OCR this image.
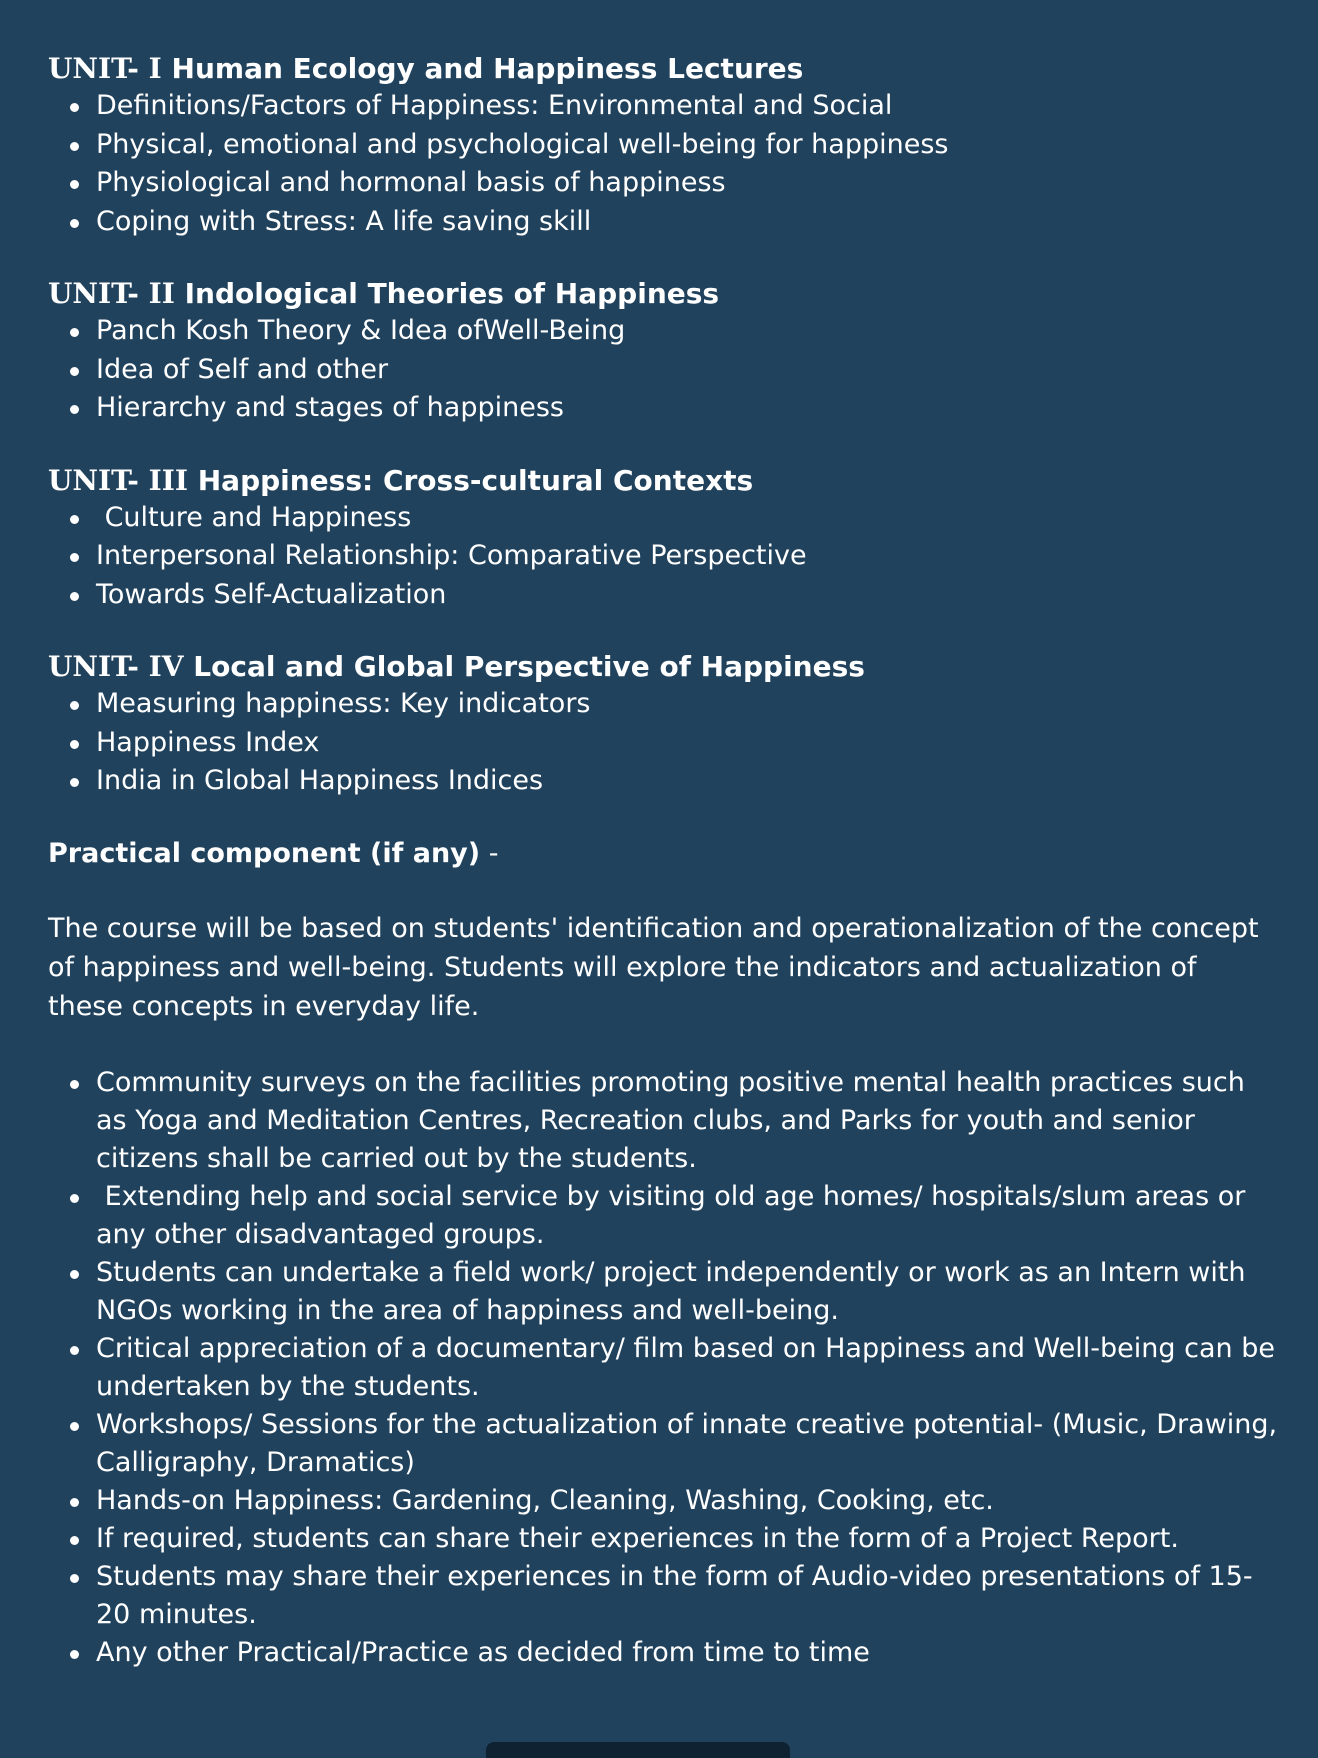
UNIT- I Human Ecology and Happiness Lectures
Definitions/Factors of Happiness: Environmental and Social
Physical, emotional and psychological well-being for happiness
Physiological and hormonal basis of happiness
Coping with Stress: A life saving skill
UNIT- II Indological Theories of Happiness
Panch Kosh Theory & Idea ofWell-Being
Idea of Self and other
Hierarchy and stages of happiness
UNIT- III Happiness: Cross-cultural Contexts
Culture and Happiness
Interpersonal Relationship: Comparative Perspective
Towards Self-Actualization
UNIT- IV Local and Global Perspective of Happiness
Measuring happiness: Key indicators
Happiness Index
India in Global Happiness Indices
Practical component (if any) -

The course will be based on students' identification and operationalization of the concept of happiness and well-being. Students will explore the indicators and actualization of these concepts in everyday life.

Community surveys on the facilities promoting positive mental health practices such as Yoga and Meditation Centres, Recreation clubs, and Parks for youth and senior citizens shall be carried out by the students.
Extending help and social service by visiting old age homes/ hospitals/slum areas or any other disadvantaged groups.
Students can undertake a field work/ project independently or work as an Intern with NGOs working in the area of happiness and well-being.
Critical appreciation of a documentary/ film based on Happiness and Well-being can be undertaken by the students.
Workshops/ Sessions for the actualization of innate creative potential- (Music, Drawing, Calligraphy, Dramatics)
Hands-on Happiness: Gardening, Cleaning, Washing, Cooking, etc.
If required, students can share their experiences in the form of a Project Report.
Students may share their experiences in the form of Audio-video presentations of 15-20 minutes.
Any other Practical/Practice as decided from time to time
